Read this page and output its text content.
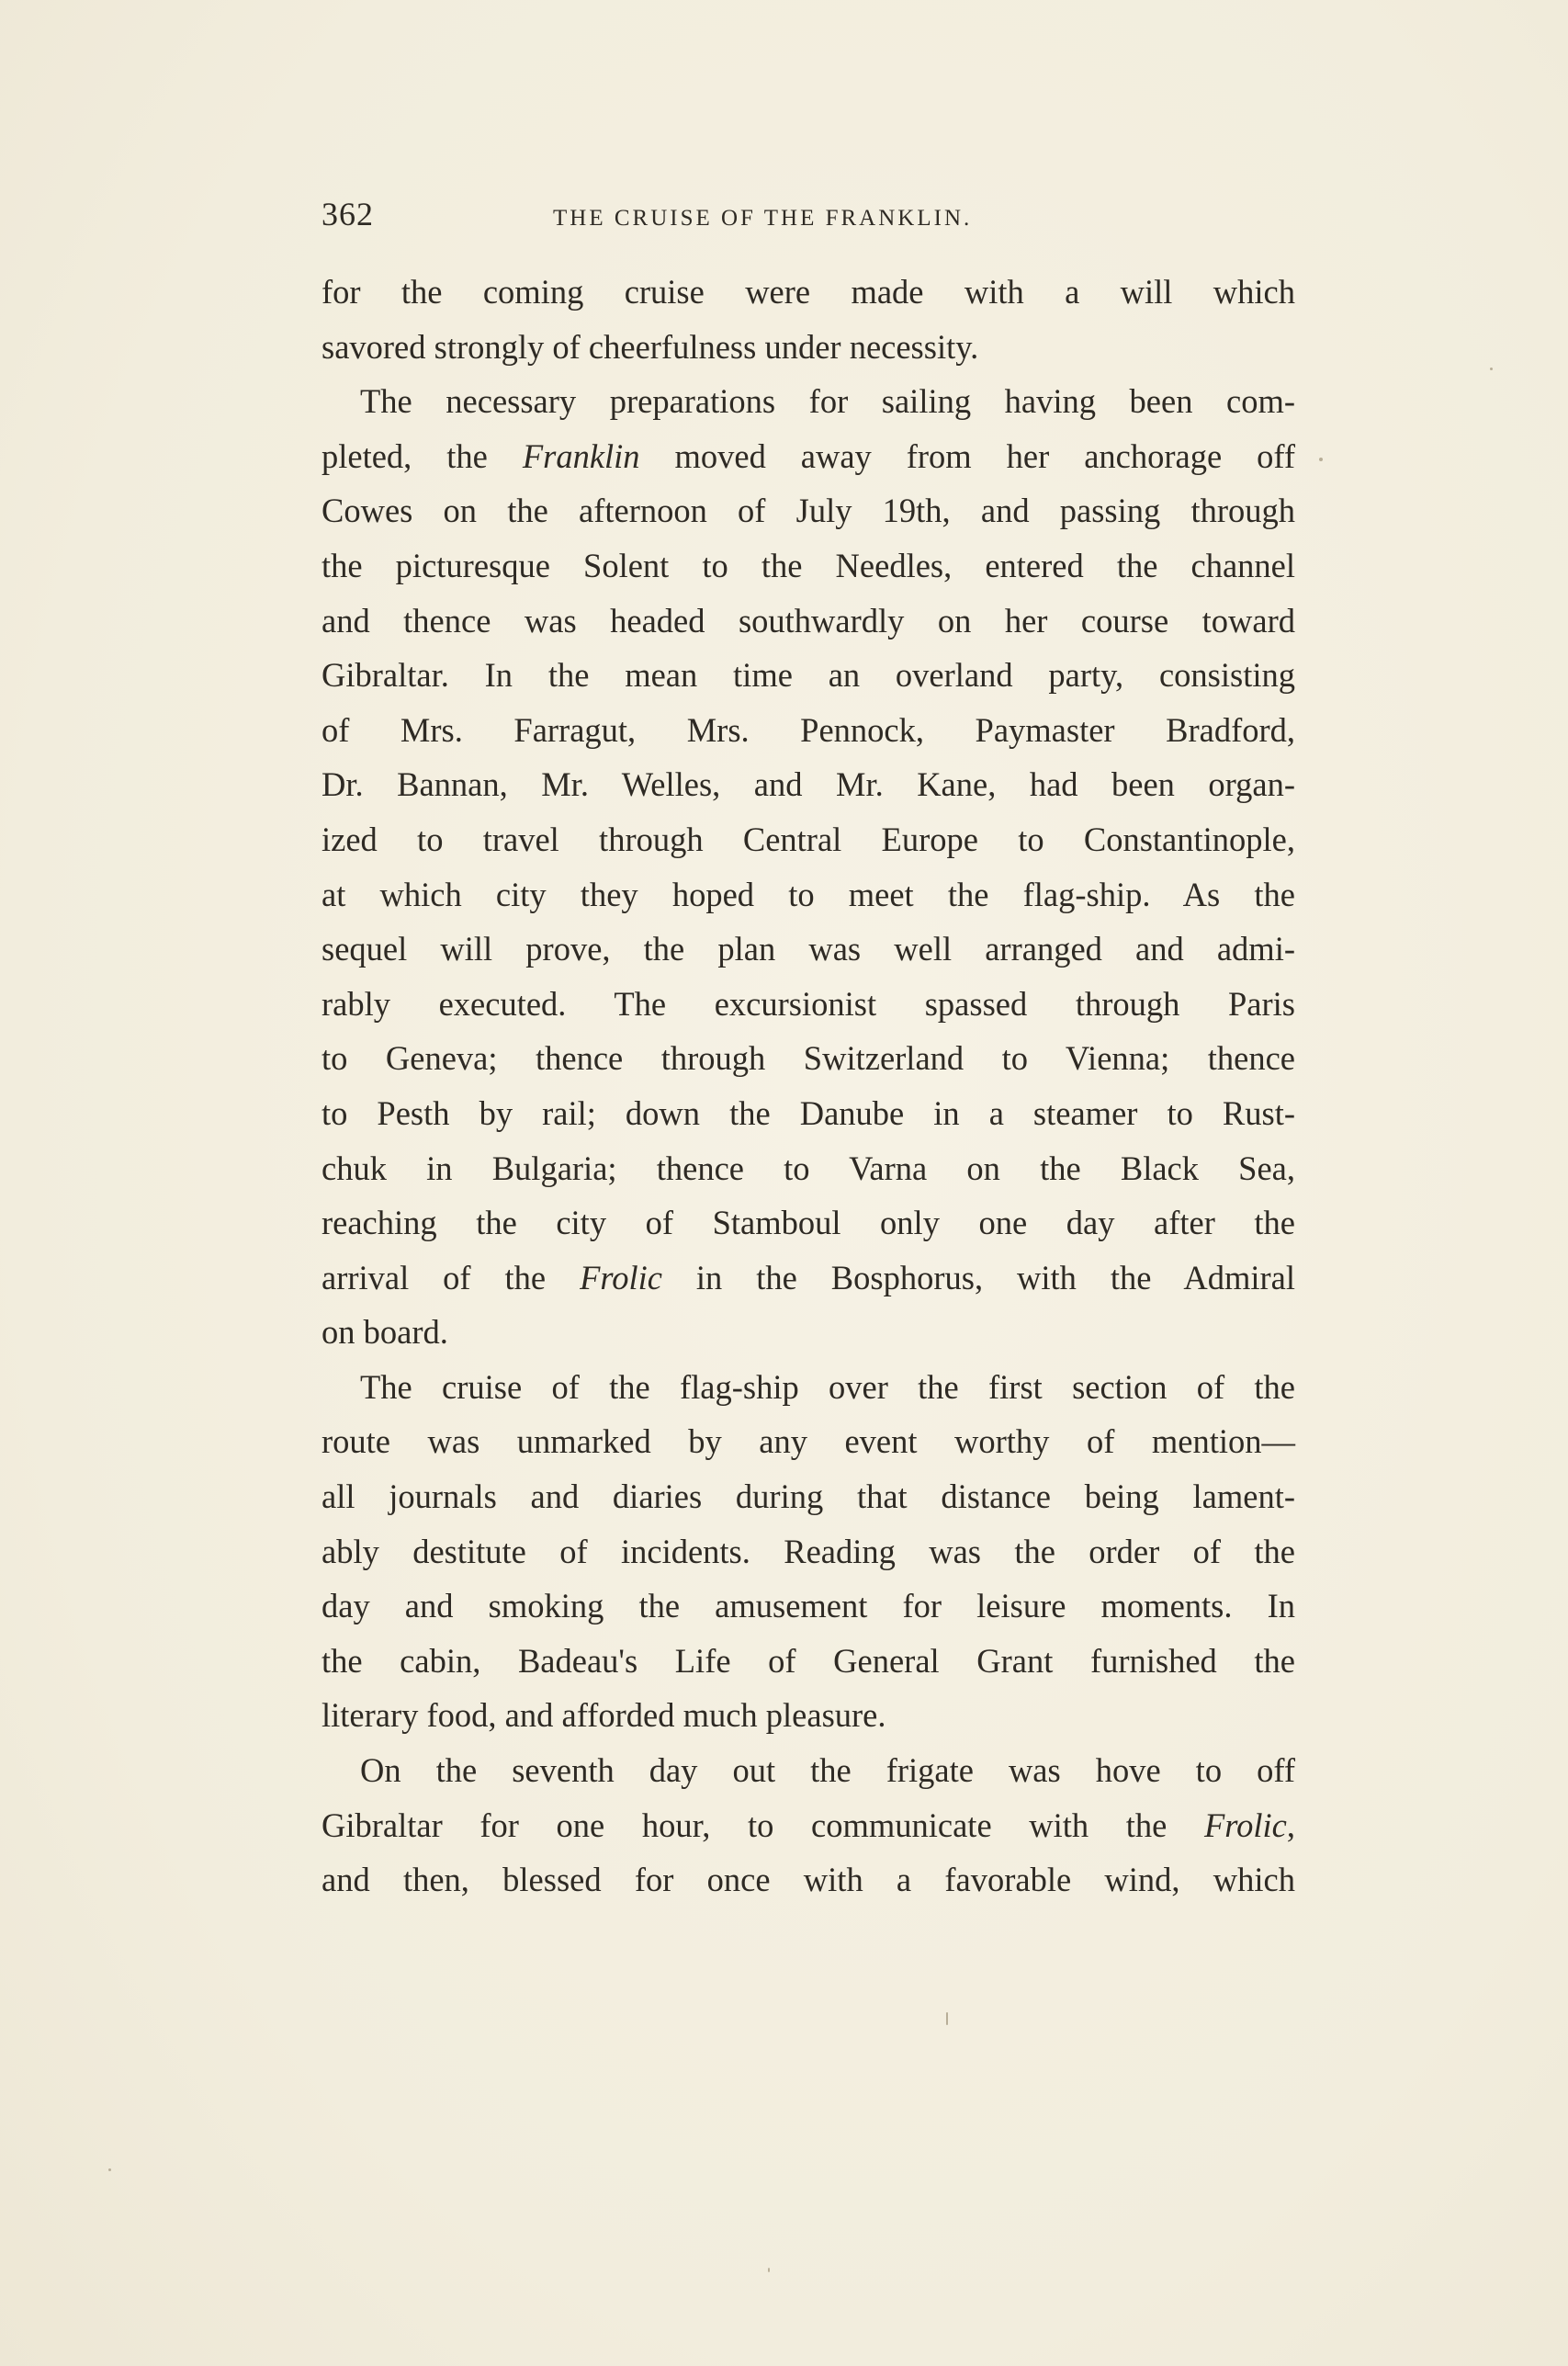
362	THE CRUISE OF THE FRANKLIN.
for the coming cruise were made with a will which
savored strongly of cheerfulness under necessity.
The necessary preparations for sailing having been com-
pleted, the Franklin moved away from her anchorage off
Cowes on the afternoon of July 19th, and passing through
the picturesque Solent to the Needles, entered the channel
and thence was headed southwardly on her course toward
Gibraltar. In the mean time an overland party, consisting
of Mrs. Farragut, Mrs. Pennock, Paymaster Bradford,
Dr. Bannan, Mr. Welles, and Mr. Kane, had been organ-
ized to travel through Central Europe to Constantinople,
at which city they hoped to meet the flag-ship. As the
sequel will prove, the plan was well arranged and admi-
rably executed. The excursionist spassed through Paris
to Geneva; thence through Switzerland to Vienna; thence
to Pesth by rail; down the Danube in a steamer to Rust-
chuk in Bulgaria; thence to Varna on the Black Sea,
reaching the city of Stamboul only one day after the
arrival of the Frolic in the Bosphorus, with the Admiral
on board.
The cruise of the flag-ship over the first section of the
route was unmarked by any event worthy of mention—
all journals and diaries during that distance being lament-
ably destitute of incidents. Reading was the order of the
day and smoking the amusement for leisure moments. In
the cabin, Badeau's Life of General Grant furnished the
literary food, and afforded much pleasure.
On the seventh day out the frigate was hove to off
Gibraltar for one hour, to communicate with the Frolic,
and then, blessed for once with a favorable wind, which
